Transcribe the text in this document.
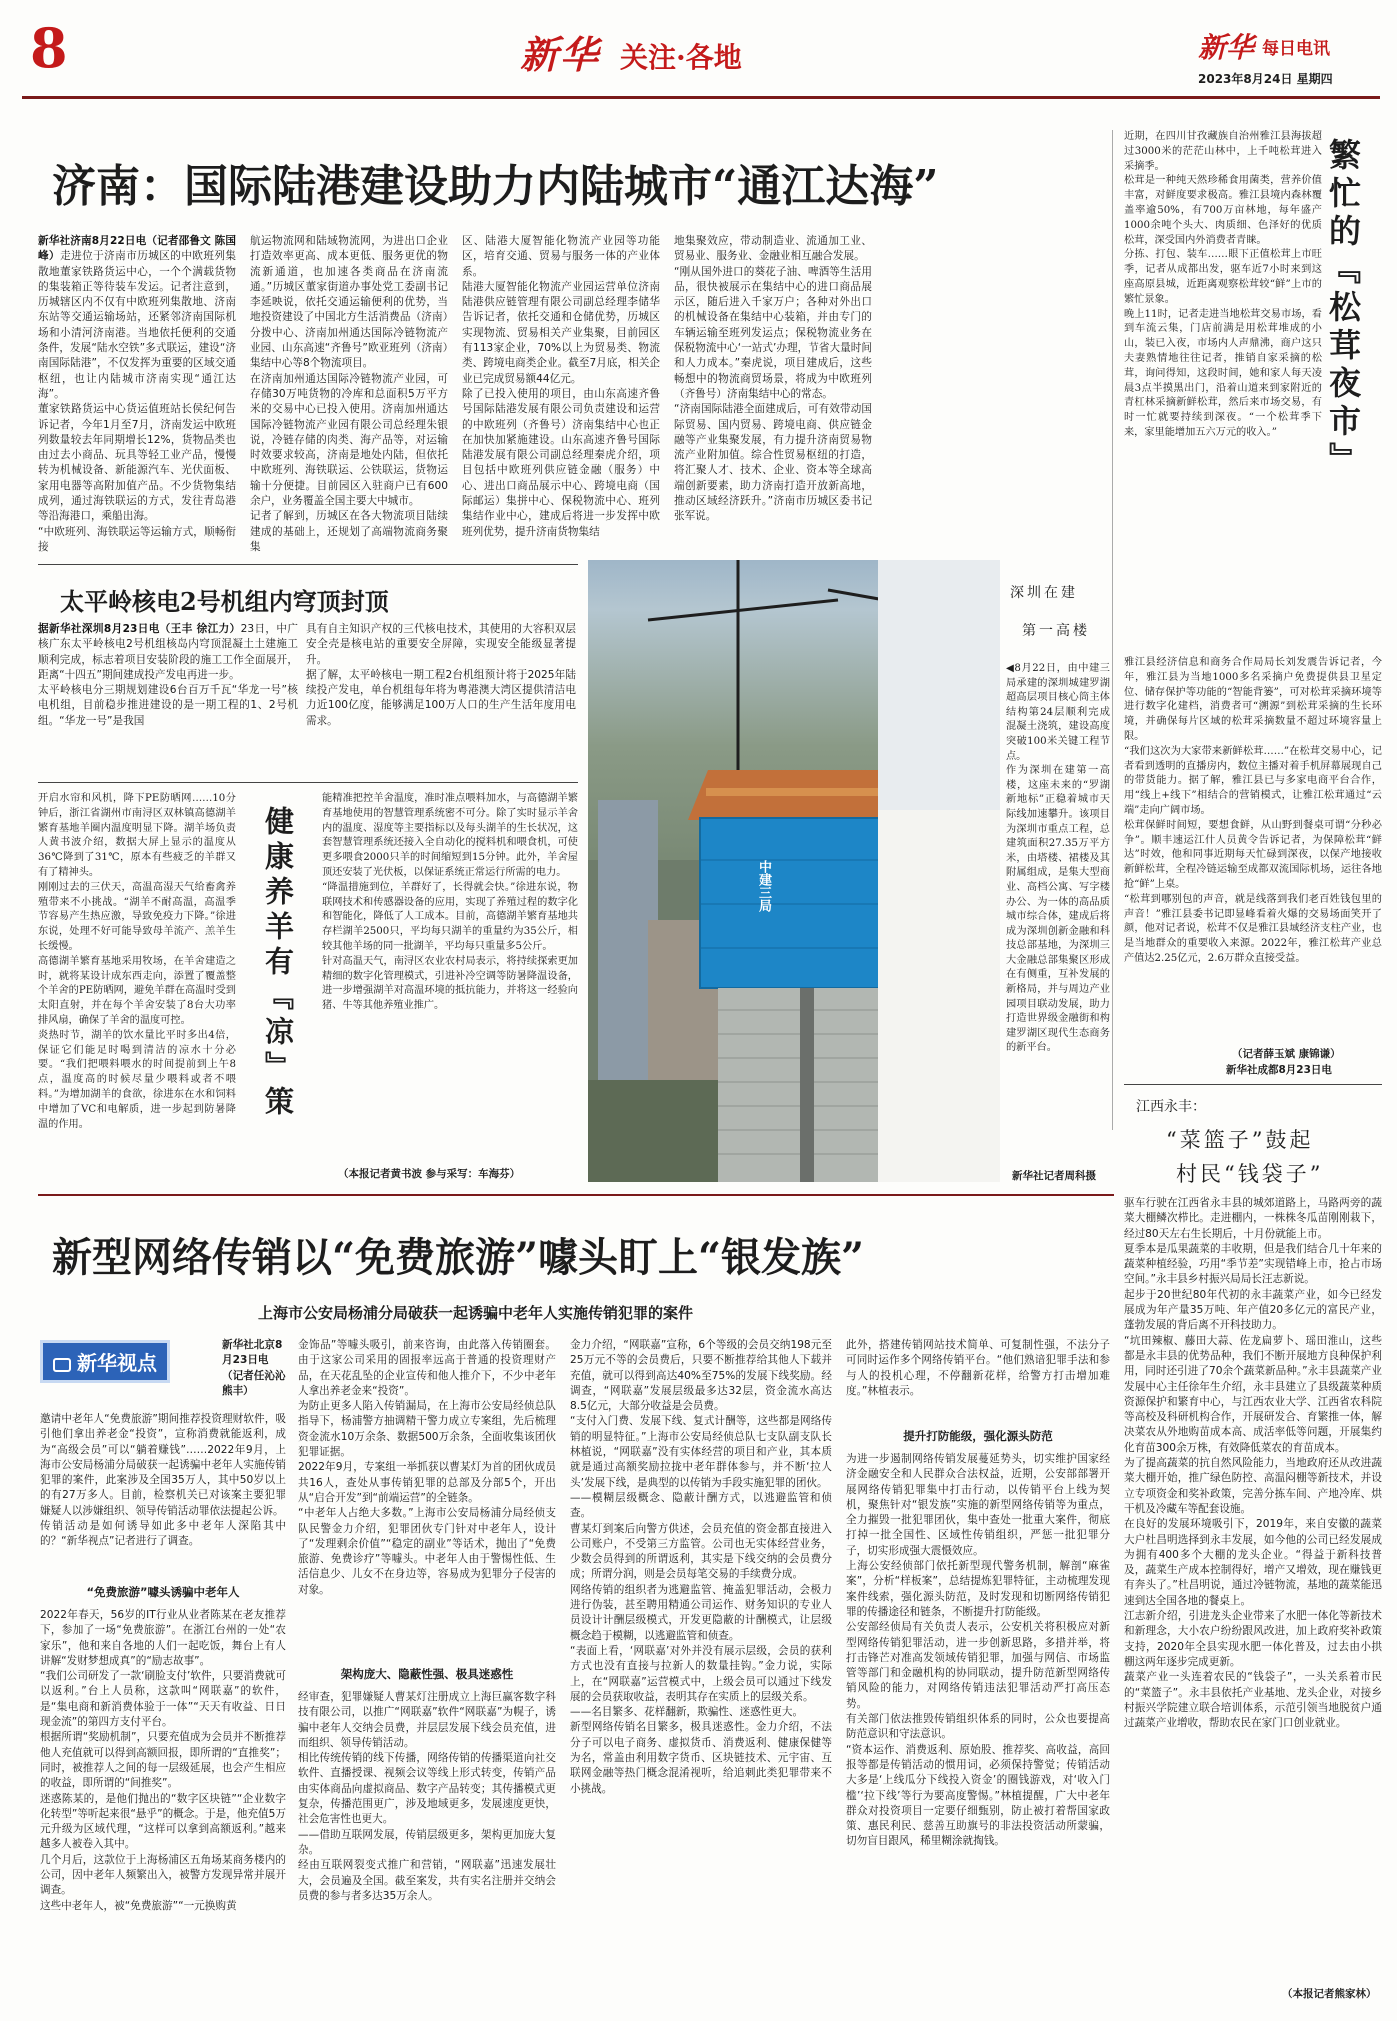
8	新华 关注·各地	新华 每日电讯
2023年8月24日 星期四
济南：国际陆港建设助力内陆城市“通江达海”
新华社济南8月22日电（记者邵鲁文 陈国峰）走进位于济南市历城区的中欧班列集散地董家铁路货运中心，一个个满载货物的集装箱正等待装车发运。记者注意到，历城辖区内不仅有中欧班列集散地、济南东站等交通运输场站，还紧邻济南国际机场和小清河济南港。当地依托便利的交通条件，发展“陆水空铁”多式联运，建设“济南国际陆港”，不仅发挥为重要的区域交通枢纽，也让内陆城市济南实现“通江达海”。
董家铁路货运中心货运值班站长侯纪何告诉记者，今年1月至7月，济南发运中欧班列数量较去年同期增长12%，货物品类也由过去小商品、玩具等轻工业产品，慢慢转为机械设备、新能源汽车、光伏面板、家用电器等高附加值产品。不少货物集结成列，通过海铁联运的方式，发往青岛港等沿海港口，乘船出海。
“中欧班列、海铁联运等运输方式，顺畅衔接
航运物流网和陆域物流网，为进出口企业打造效率更高、成本更低、服务更优的物流新通道，也加速各类商品在济南流通。”历城区董家街道办事处党工委副书记李延映说，依托交通运输便利的优势，当地投资建设了中国北方生活消费品（济南）分拨中心、济南加州通达国际冷链物流产业园、山东高速“齐鲁号”欧亚班列（济南）集结中心等8个物流项目。
在济南加州通达国际冷链物流产业园，可存储30万吨货物的冷库和总面积5万平方米的交易中心已投入使用。济南加州通达国际冷链物流产业园有限公司总经理朱银说，冷链存储的肉类、海产品等，对运输时效要求较高，济南是地处内陆，但依托中欧班列、海铁联运、公铁联运，货物运输十分便捷。目前园区入驻商户已有600余户，业务覆盖全国主要大中城市。
记者了解到，历城区在各大物流项目陆续建成的基础上，还规划了高端物流商务聚集
区、陆港大厦智能化物流产业园等功能区，培育交通、贸易与服务一体的产业体系。
陆港大厦智能化物流产业园运营单位济南陆港供应链管理有限公司副总经理李储华告诉记者，依托交通和仓储优势，历城区实现物流、贸易相关产业集聚，目前园区有113家企业，70%以上为贸易类、物流类、跨境电商类企业。截至7月底，相关企业已完成贸易额44亿元。
除了已投入使用的项目，由山东高速齐鲁号国际陆港发展有限公司负责建设和运营的中欧班列（齐鲁号）济南集结中心也正在加快加紧施建设。山东高速齐鲁号国际陆港发展有限公司副总经理秦虎介绍，项目包括中欧班列供应链金融（服务）中心、进出口商品展示中心、跨境电商（国际邮运）集拼中心、保税物流中心、班列集结作业中心，建成后将进一步发挥中欧班列优势，提升济南货物集结
地集聚效应，带动制造业、流通加工业、贸易业、服务业、金融业相互融合发展。
“刚从国外进口的葵花子油、啤酒等生活用品，很快被展示在集结中心的进口商品展示区，随后进入千家万户；各种对外出口的机械设备在集结中心装箱，并由专门的车辆运输至班列发运点；保税物流业务在保税物流中心‘一站式’办理，节省大量时间和人力成本。”秦虎说，项目建成后，这些畅想中的物流商贸场景，将成为中欧班列（齐鲁号）济南集结中心的常态。
“济南国际陆港全面建成后，可有效带动国际贸易、国内贸易、跨境电商、供应链金融等产业集聚发展，有力提升济南贸易物流产业附加值。综合性贸易枢纽的打造，将汇聚人才、技术、企业、资本等全球高端创新要素，助力济南打造开放新高地，推动区域经济跃升。”济南市历城区委书记张军说。
太平岭核电2号机组内穹顶封顶
据新华社深圳8月23日电（王丰 徐江力）23日，中广核广东太平岭核电2号机组核岛内穹顶混凝土土建施工顺利完成，标志着项目安装阶段的施工工作全面展开，距离“十四五”期间建成投产发电再进一步。
太平岭核电分三期规划建设6台百万千瓦“华龙一号”核电机组，目前稳步推进建设的是一期工程的1、2号机组。“华龙一号”是我国
具有自主知识产权的三代核电技术，其使用的大容积双层安全壳是核电站的重要安全屏障，实现安全能级显著提升。
据了解，太平岭核电一期工程2台机组预计将于2025年陆续投产发电，单台机组每年将为粤港澳大湾区提供清洁电力近100亿度，能够满足100万人口的生产生活年度用电需求。
开启水帘和风机，降下PE防晒网……10分钟后，浙江省湖州市南浔区双林镇高德湖羊繁育基地羊圈内温度明显下降。湖羊场负责人黄书波介绍，数据大屏上显示的温度从36℃降到了31℃，原本有些疲乏的羊群又有了精神头。
刚刚过去的三伏天，高温高湿天气给畜禽养殖带来不小挑战。“湖羊不耐高温，高温季节容易产生热应激，导致免疫力下降。”徐进东说，处理不好可能导致母羊流产、羔羊生长缓慢。
高德湖羊繁育基地采用牧场，在羊舍建造之时，就将某设计成东西走向，添置了覆盖整个羊舍的PE防晒网，避免羊群在高温时受到太阳直射，并在每个羊舍安装了8台大功率排风扇，确保了羊舍的温度可控。
炎热时节，湖羊的饮水量比平时多出4倍，保证它们能足时喝到清洁的凉水十分必要。“我们把喂料喂水的时间提前到上午8点，温度高的时候尽量少喂料或者不喂料。”为增加湖羊的食欲，徐进东在水和饲料中增加了VC和电解质，进一步起到防暑降温的作用。
健康养羊有『凉』策
能精准把控羊舍温度，准时准点喂料加水，与高德湖羊繁育基地使用的智慧管理系统密不可分。除了实时显示羊舍内的温度、湿度等主要指标以及每头湖羊的生长状况，这套智慧管理系统还接入全自动化的搅料机和喂食机，可使更多喂食2000只羊的时间缩短到15分钟。此外，羊舍屋顶还安装了光伏板，以保证系统正常运行所需的电力。
“降温措施到位，羊群好了，长得就会快。”徐进东说，物联网技术和传感器设备的应用，实现了养殖过程的数字化和智能化，降低了人工成本。目前，高德湖羊繁育基地共存栏湖羊2500只，平均每只湖羊的重量约为35公斤，相较其他羊场的同一批湖羊，平均每只重量多5公斤。
针对高温天气，南浔区农业农村局表示，将持续探索更加精细的数字化管理模式，引进补冷空调等防暑降温设备，进一步增强湖羊对高温环境的抵抗能力，并将这一经验向猪、牛等其他养殖业推广。
（本报记者黄书波 参与采写：车海芬）
中建三局
深圳在建
第一高楼
◀8月22日，由中建三局承建的深圳城建罗湖超高层项目核心筒主体结构第24层顺利完成混凝土浇筑，建设高度突破100米关键工程节点。
作为深圳在建第一高楼，这座未来的“罗湖新地标”正稳着城市天际线加速攀升。该项目为深圳市重点工程，总建筑面积27.35万平方米，由塔楼、裙楼及其附属组成，是集大型商业、高档公寓、写字楼办公、为一体的高品质城市综合体，建成后将成为深圳创新金融和科技总部基地，为深圳三大金融总部集聚区形成在有侧重，互补发展的新格局，并与周边产业园项目联动发展，助力打造世界级金融街和构建罗湖区现代生态商务的新平台。
新华社记者周科摄
近期，在四川甘孜藏族自治州雅江县海拔超过3000米的茫茫山林中，上千吨松茸进入采摘季。
松茸是一种纯天然珍稀食用菌类，营养价值丰富，对鲜度要求极高。雅江县境内森林覆盖率逾50%，有700万亩林地，每年盛产1000余吨个头大、肉质细、色泽好的优质松茸，深受国内外消费者青睐。
分拣、打包、装车……眼下正值松茸上市旺季，记者从成都出发，驱车近7小时来到这座高原县城，近距离观察松茸较“鲜”上市的繁忙景象。
晚上11时，记者走进当地松茸交易市场，看到车流云集，门店前满是用松茸堆成的小山，装已入夜，市场内人声鼎沸，商户这只夫妻熟情地往往记者，推销自家采摘的松茸，询问得知，这段时间，她和家人每天凌晨3点半摸黑出门，沿着山道来到家附近的青杠林采摘新鲜松茸，然后来市场交易，有时一忙就要持续到深夜。“一个松茸季下来，家里能增加五六万元的收入。”	繁忙的『松茸夜市』
雅江县经济信息和商务合作局局长刘发震告诉记者，今年，雅江县为当地1000多名采摘户免费提供县卫星定位、储存保护等功能的“智能背篓”，可对松茸采摘环境等进行数字化建档，消费者可“溯源”到松茸采摘的生长环境，并确保每片区域的松茸采摘数量不超过环境容量上限。
“我们这次为大家带来新鲜松茸……”在松茸交易中心，记者看到透明的直播房内，数位主播对着手机屏幕展现自己的带货能力。据了解，雅江县已与多家电商平台合作，用“线上+线下”相结合的营销模式，让雅江松茸通过“云端”走向广阔市场。
松茸保鲜时间短，要想食鲜，从山野到餐桌可谓“分秒必争”。顺丰速运江什人员黄令告诉记者，为保障松茸“鲜达”时效，他和同事近期每天忙碌到深夜，以保产地接收新鲜松茸，全程冷链运输至成都双流国际机场，运往各地抢“鲜”上桌。
“松茸到哪别包的声音，就是线落到我们老百姓钱包里的声音！”雅江县委书记即显峰看着火爆的交易场面笑开了颜，他对记者说，松茸不仅是雅江县域经济支柱产业，也是当地群众的重要收入来源。2022年，雅江松茸产业总产值达2.25亿元，2.6万群众直接受益。
（记者薛玉斌 康锦谦）
新华社成都8月23日电
江西永丰：
“菜篮子”鼓起
村民“钱袋子”
驱车行驶在江西省永丰县的城郊道路上，马路两旁的蔬菜大棚鳞次栉比。走进棚内，一株株冬瓜苗刚刚栽下，经过80天左右生长期后，十月份就能上市。
夏季本是瓜果蔬菜的丰收期，但是我们结合几十年来的蔬菜种植经验，巧用“季节差”实现错峰上市，抢占市场空间。”永丰县乡村振兴局局长汪志新说。
起步于20世纪80年代初的永丰蔬菜产业，如今已经发展成为年产量35万吨、年产值20多亿元的富民产业，蓬勃发展的背后离不开科技助力。
“坑田辣椒、藤田大蒜、佐龙扁萝卜、瑶田淮山，这些都是永丰县的优势品种，我们不断开展地方良种保护利用，同时还引进了70余个蔬菜新品种。”永丰县蔬菜产业发展中心主任徐年生介绍，永丰县建立了县级蔬菜种质资源保护和繁育中心，与江西农业大学、江西省农科院等高校及科研机构合作，开展研发合、育繁推一体，解决菜农从外地购苗成本高、成活率低等问题，开展集约化育苗300余万株，有效降低菜农的育苗成本。
为了提高蔬菜的抗自然风险能力，当地政府还从改进蔬菜大棚开始，推广绿色防控、高温闷棚等新技术，并设立专项资金和奖补政策，完善分拣车间、产地冷库、烘干机及冷藏车等配套设施。
在良好的发展环境吸引下，2019年，来自安徽的蔬菜大户杜昌明选择到永丰发展，如今他的公司已经发展成为拥有400多个大棚的龙头企业。“得益于新科技普及，蔬菜生产成本控制得好，增产又增效，现在赚钱更有奔头了。”杜昌明说，通过冷链物流，基地的蔬菜能迅速到达全国各地的餐桌上。
江志新介绍，引进龙头企业带来了水肥一体化等新技术和新理念，大小农户纷纷跟风改进，加上政府奖补政策支持，2020年全县实现水肥一体化普及，过去由小拱棚这两年逐步完成更新。
蔬菜产业一头连着农民的“钱袋子”，一头关系着市民的“菜篮子”。永丰县依托产业基地、龙头企业，对接乡村振兴学院建立联合培训体系，示范引领当地脱贫户通过蔬菜产业增收，帮助农民在家门口创业就业。
（本报记者熊家林）
新型网络传销以“免费旅游”噱头盯上“银发族”
上海市公安局杨浦分局破获一起诱骗中老年人实施传销犯罪的案件
新华视点
新华社北京8月23日电（记者任沁沁 熊丰）
邀请中老年人“免费旅游”期间推荐投资理财软件，吸引他们拿出养老金“投资”，宣称消费就能返利，成为“高级会员”可以“躺着赚钱”……2022年9月，上海市公安局杨浦分局破获一起诱骗中老年人实施传销犯罪的案件，此案涉及全国35万人，其中50岁以上的有27万多人。目前，检察机关已对该案主要犯罪嫌疑人以涉嫌组织、领导传销活动罪依法提起公诉。
传销活动是如何诱导如此多中老年人深陷其中的？“新华视点”记者进行了调查。
“免费旅游”噱头诱骗中老年人
2022年春天，56岁的IT行业从业者陈某在老友推荐下，参加了一场“免费旅游”。在浙江台州的一处“农家乐”，他和来自各地的人们一起吃饭，舞台上有人讲解“发财梦想成真”的“励志故事”。
“我们公司研发了一款‘刷脸支付’软件，只要消费就可以返利。”台上人员称，这款叫“网联嘉”的软件，是“集电商和新消费体验于一体”“天天有收益、日日现金流”的第四方支付平台。
根据所谓“奖励机制”，只要充值成为会员并不断推荐他人充值就可以得到高额回报，即所谓的“直推奖”；同时，被推荐人之间的每一层级延展，也会产生相应的收益，即所谓的“间推奖”。
迷惑陈某的，是他们抛出的“数字区块链”“企业数字化转型”等听起来很“悬乎”的概念。于是，他充值5万元升级为区域代理，“这样可以拿到高额返利。”越来越多人被卷入其中。
几个月后，这款位于上海杨浦区五角场某商务楼内的公司，因中老年人频繁出入，被警方发现异常并展开调查。
这些中老年人，被“免费旅游”“一元换购黄
金饰品”等噱头吸引，前来咨询，由此落入传销圈套。由于这家公司采用的固报率远高于普通的投资理财产品，在天花乱坠的企业宣传和他人推介下，不少中老年人拿出养老金来“投资”。
为防止更多人陷入传销漏局，在上海市公安局经侦总队指导下，杨浦警方抽调精干警力成立专案组，先后梳理资金流水10万余条、数据500万余条，全面收集该团伙犯罪证据。
2022年9月，专案组一举抓获以曹某灯为首的团伙成员共16人，查处从事传销犯罪的总部及分部5个，开出从“启合开发”到“前端运营”的全链条。
“中老年人占绝大多数。”上海市公安局杨浦分局经侦支队民警金力介绍，犯罪团伙专门针对中老年人，设计了“发理剩余价值”“稳定的副业”等话术，抛出了“免费旅游、免费诊疗”等噱头。中老年人由于警惕性低、生活信息少、儿女不在身边等，容易成为犯罪分子侵害的对象。
架构庞大、隐蔽性强、极具迷惑性
经审查，犯罪嫌疑人曹某灯注册成立上海巨赢客数字科技有限公司，以推广“网联嘉”软件“网联嘉”为幌子，诱骗中老年人交纳会员费，并层层发展下线会员充值，进而组织、领导传销活动。
相比传统传销的线下传播，网络传销的传播渠道向社交软件、直播授课、视频会议等线上形式转变，传销产品由实体商品向虚拟商品、数字产品转变；其传播模式更复杂，传播范围更广，涉及地域更多，发展速度更快，社会危害性也更大。
——借助互联网发展，传销层级更多，架构更加庞大复杂。
经由互联网裂变式推广和营销，“网联嘉”迅速发展壮大，会员遍及全国。截至案发，共有实名注册并交纳会员费的参与者多达35万余人。
金力介绍，“网联嘉”宣称，6个等级的会员交纳198元至25万元不等的会员费后，只要不断推荐给其他人下载并充值，就可以得到高达40%至75%的发展下线奖励。经调查，“网联嘉”发展层级最多达32层，资金流水高达8.5亿元，大部分收益是会员费。
“支付入门费、发展下线、复式计酬等，这些都是网络传销的明显特征。”上海市公安局经侦总队七支队副支队长林植说，“网联嘉”没有实体经营的项目和产业，其本质就是通过高额奖励拉拢中老年群体参与，并不断‘拉人头’发展下线，是典型的以传销为手段实施犯罪的团伙。
——模糊层级概念、隐蔽计酬方式，以逃避监管和侦查。
曹某灯到案后向警方供述，会员充值的资金都直接进入公司账户，不受第三方监管。公司也无实体经营业务，少数会员得到的所谓返利，其实是下线交纳的会员费分成；所谓分润，则是会员每笔交易的手续费分成。
网络传销的组织者为逃避监管、掩盖犯罪活动，会极力进行伪装，甚至聘用精通公司运作、财务知识的专业人员设计计酬层级模式，开发更隐蔽的计酬模式，让层级概念趋于模糊，以逃避监管和侦查。
“表面上看，‘网联嘉’对外并没有展示层级，会员的获利方式也没有直接与拉新人的数量挂钩。”金力说，实际上，在“网联嘉”运营模式中，上级会员可以通过下线发展的会员获取收益，表明其存在实质上的层级关系。
——名目繁多、花样翻新，欺骗性、迷惑性更大。
新型网络传销名目繁多，极具迷惑性。金力介绍，不法分子可以电子商务、虚拟货币、消费返利、健康保健等为名，常盖由利用数字货币、区块链技术、元宇宙、互联网金融等热门概念混淆视听，给追刺此类犯罪带来不小挑战。
此外，搭建传销网站技术简单、可复制性强，不法分子可同时运作多个网络传销平台。“他们熟谙犯罪手法和参与人的投机心理，不停翻新花样，给警方打击增加难度。”林植表示。
提升打防能级，强化源头防范
为进一步遏制网络传销发展蔓延势头，切实维护国家经济金融安全和人民群众合法权益，近期，公安部部署开展网络传销犯罪集中打击行动，以传销平台上线为契机，聚焦针对“银发族”实施的新型网络传销等为重点，全力摧毁一批犯罪团伙，集中查处一批重大案件，彻底打掉一批全国性、区域性传销组织，严惩一批犯罪分子，切实形成强大震慑效应。
上海公安经侦部门依托新型现代警务机制，解剖“麻雀案”，分析“样板案”，总结提炼犯罪特征，主动梳理发现案件线索，强化源头防范，及时发现和切断网络传销犯罪的传播途径和链条，不断提升打防能级。
公安部经侦局有关负责人表示，公安机关将积极应对新型网络传销犯罪活动，进一步创新思路，多措并举，将打击锋芒对准高发领域传销犯罪，加强与网信、市场监管等部门和金融机构的协同联动，提升防范新型网络传销风险的能力，对网络传销违法犯罪活动严打高压态势。
有关部门依法推毁传销组织体系的同时，公众也要提高防范意识和守法意识。
“资本运作、消费返利、原始股、推荐奖、高收益，高回报等都是传销活动的惯用词，必须保持警觉；传销活动大多是‘上线瓜分下线投入资金’的圈钱游戏，对‘收入门槛’‘拉下线’等行为要高度警惕。”林植提醒，广大中老年群众对投资项目一定要仔细甄别，防止被打着帮国家政策、惠民利民、慈善互助旗号的非法投资活动所蒙骗，切勿盲目跟风，稀里糊涂就掏钱。
